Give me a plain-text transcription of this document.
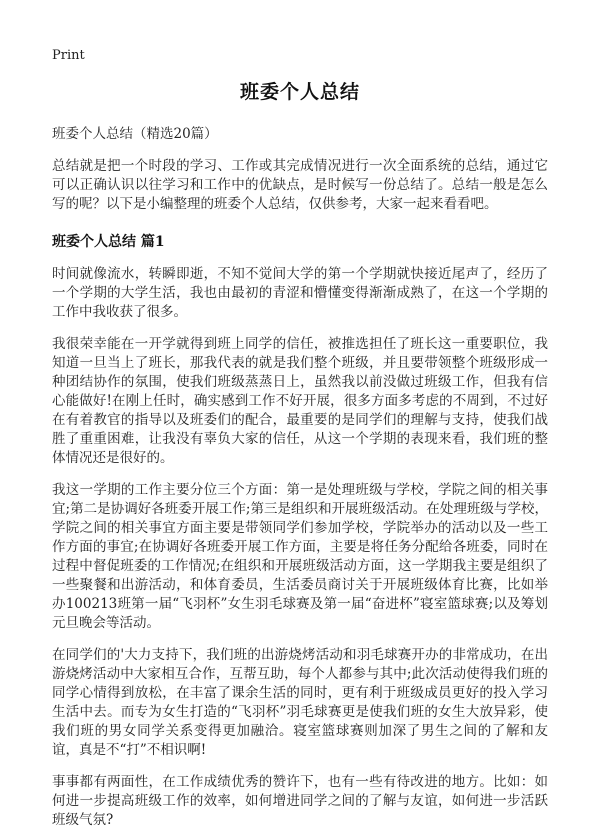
Print
班委个人总结
班委个人总结（精选20篇）

总结就是把一个时段的学习、工作或其完成情况进行一次全面系统的总结，通过它可以正确认识以往学习和工作中的优缺点，是时候写一份总结了。总结一般是怎么写的呢？以下是小编整理的班委个人总结，仅供参考，大家一起来看看吧。

班委个人总结 篇1

时间就像流水，转瞬即逝，不知不觉间大学的第一个学期就快接近尾声了，经历了一个学期的大学生活，我也由最初的青涩和懵懂变得渐渐成熟了，在这一个学期的工作中我收获了很多。

我很荣幸能在一开学就得到班上同学的信任，被推选担任了班长这一重要职位，我知道一旦当上了班长，那我代表的就是我们整个班级，并且要带领整个班级形成一种团结协作的氛围，使我们班级蒸蒸日上，虽然我以前没做过班级工作，但我有信心能做好!在刚上任时，确实感到工作不好开展，很多方面多考虑的不周到，不过好在有着教官的指导以及班委们的配合，最重要的是同学们的理解与支持，使我们战胜了重重困难，让我没有辜负大家的信任，从这一个学期的表现来看，我们班的整体情况还是很好的。

我这一学期的工作主要分位三个方面：第一是处理班级与学校，学院之间的相关事宜;第二是协调好各班委开展工作;第三是组织和开展班级活动。在处理班级与学校，学院之间的相关事宜方面主要是带领同学们参加学校，学院举办的活动以及一些工作方面的事宜;在协调好各班委开展工作方面，主要是将任务分配给各班委，同时在过程中督促班委的工作情况;在组织和开展班级活动方面，这一学期我主要是组织了一些聚餐和出游活动，和体育委员，生活委员商讨关于开展班级体育比赛，比如举办100213班第一届“飞羽杯”女生羽毛球赛及第一届“奋进杯”寝室篮球赛;以及筹划元旦晚会等活动。

在同学们的'大力支持下，我们班的出游烧烤活动和羽毛球赛开办的非常成功，在出游烧烤活动中大家相互合作，互帮互助，每个人都参与其中;此次活动使得我们班的同学心情得到放松，在丰富了课余生活的同时，更有利于班级成员更好的投入学习生活中去。而专为女生打造的“飞羽杯”羽毛球赛更是使我们班的女生大放异彩，使我们班的男女同学关系变得更加融洽。寝室篮球赛则加深了男生之间的了解和友谊，真是不“打”不相识啊!

事事都有两面性，在工作成绩优秀的赞许下，也有一些有待改进的地方。比如：如何进一步提高班级工作的效率，如何增进同学之间的了解与友谊，如何进一步活跃班级气氛?
